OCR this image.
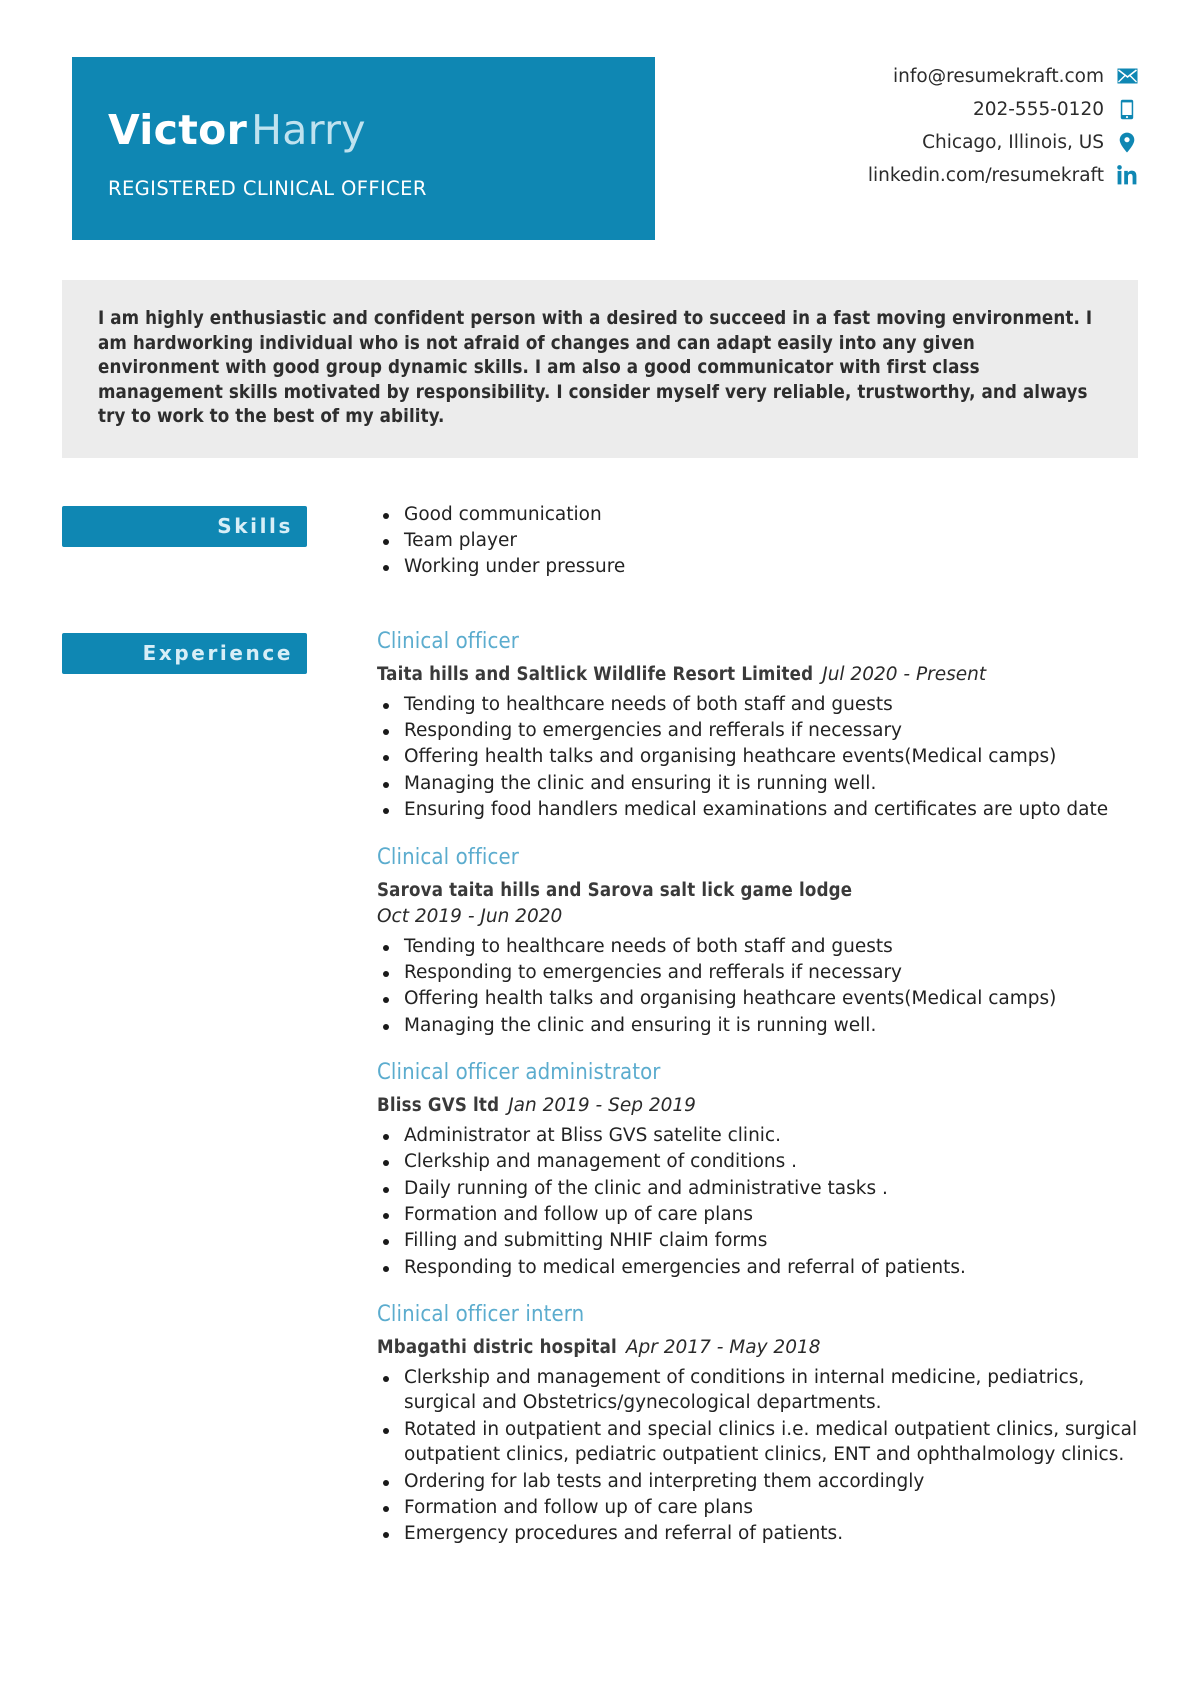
VictorHarry
REGISTERED CLINICAL OFFICER
info@resumekraft.com
202-555-0120
Chicago, Illinois, US
linkedin.com/resumekraft
I am highly enthusiastic and confident person with a desired to succeed in a fast moving environment. I am hardworking individual who is not afraid of changes and can adapt easily into any given environment with good group dynamic skills. I am also a good communicator with first class management skills motivated by responsibility. I consider myself very reliable, trustworthy, and always try to work to the best of my ability.
Skills	Good communication
Team player
Working under pressure
Experience	Clinical officer
Taita hills and Saltlick Wildlife Resort Limited Jul 2020 - Present
Tending to healthcare needs of both staff and guests
Responding to emergencies and refferals if necessary
Offering health talks and organising heathcare events(Medical camps)
Managing the clinic and ensuring it is running well.
Ensuring food handlers medical examinations and certificates are upto date
Clinical officer
Sarova taita hills and Sarova salt lick game lodge
Oct 2019 - Jun 2020
Tending to healthcare needs of both staff and guests
Responding to emergencies and refferals if necessary
Offering health talks and organising heathcare events(Medical camps)
Managing the clinic and ensuring it is running well.
Clinical officer administrator
Bliss GVS ltd Jan 2019 - Sep 2019
Administrator at Bliss GVS satelite clinic.
Clerkship and management of conditions .
Daily running of the clinic and administrative tasks .
Formation and follow up of care plans
Filling and submitting NHIF claim forms
Responding to medical emergencies and referral of patients.
Clinical officer intern
Mbagathi distric hospital Apr 2017 - May 2018
Clerkship and management of conditions in internal medicine, pediatrics, surgical and Obstetrics/gynecological departments.
Rotated in outpatient and special clinics i.e. medical outpatient clinics, surgical outpatient clinics, pediatric outpatient clinics, ENT and ophthalmology clinics.
Ordering for lab tests and interpreting them accordingly
Formation and follow up of care plans
Emergency procedures and referral of patients.
